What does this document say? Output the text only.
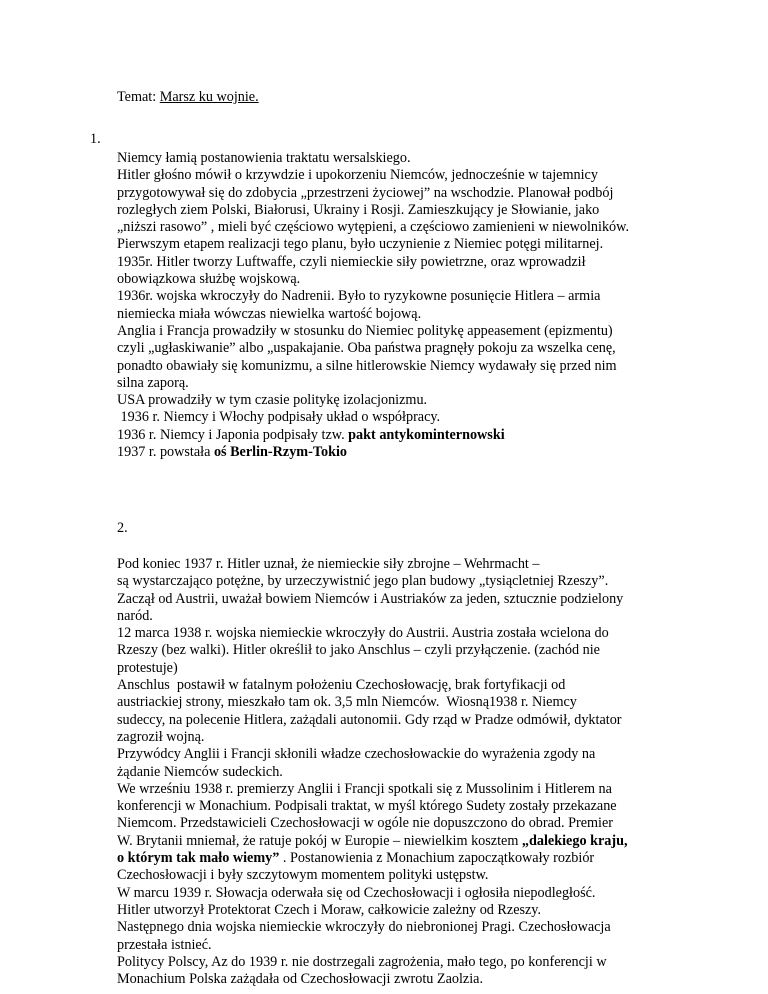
Temat: Marsz ku wojnie.
1.

Niemcy łamią postanowienia traktatu wersalskiego.

Hitler głośno mówił o krzywdzie i upokorzeniu Niemców, jednocześnie w tajemnicy

przygotowywał się do zdobycia „przestrzeni życiowej” na wschodzie. Planował podbój

rozległych ziem Polski, Białorusi, Ukrainy i Rosji. Zamieszkujący je Słowianie, jako

„niższi rasowo” , mieli być częściowo wytępieni, a częściowo zamienieni w niewolników.

Pierwszym etapem realizacji tego planu, było uczynienie z Niemiec potęgi militarnej.

1935r. Hitler tworzy Luftwaffe, czyli niemieckie siły powietrzne, oraz wprowadził

obowiązkowa służbę wojskową.

1936r. wojska wkroczyły do Nadrenii. Było to ryzykowne posunięcie Hitlera – armia

niemiecka miała wówczas niewielka wartość bojową.

Anglia i Francja prowadziły w stosunku do Niemiec politykę appeasement (epizmentu)

czyli „ugłaskiwanie” albo „uspakajanie. Oba państwa pragnęły pokoju za wszelka cenę,

ponadto obawiały się komunizmu, a silne hitlerowskie Niemcy wydawały się przed nim

silna zaporą.

USA prowadziły w tym czasie politykę izolacjonizmu.

1936 r. Niemcy i Włochy podpisały układ o współpracy.

1936 r. Niemcy i Japonia podpisały tzw. pakt antykominternowski

1937 r. powstała oś Berlin-Rzym-Tokio

2.

Pod koniec 1937 r. Hitler uznał, że niemieckie siły zbrojne – Wehrmacht –

są wystarczająco potężne, by urzeczywistnić jego plan budowy „tysiącletniej Rzeszy”.

Zaczął od Austrii, uważał bowiem Niemców i Austriaków za jeden, sztucznie podzielony

naród.

12 marca 1938 r. wojska niemieckie wkroczyły do Austrii. Austria została wcielona do

Rzeszy (bez walki). Hitler określił to jako Anschlus – czyli przyłączenie. (zachód nie

protestuje)

Anschlus  postawił w fatalnym położeniu Czechosłowację, brak fortyfikacji od

austriackiej strony, mieszkało tam ok. 3,5 mln Niemców.  Wiosną1938 r. Niemcy

sudeccy, na polecenie Hitlera, zażądali autonomii. Gdy rząd w Pradze odmówił, dyktator

zagroził wojną.

Przywódcy Anglii i Francji skłonili władze czechosłowackie do wyrażenia zgody na

żądanie Niemców sudeckich.

We wrześniu 1938 r. premierzy Anglii i Francji spotkali się z Mussolinim i Hitlerem na

konferencji w Monachium. Podpisali traktat, w myśl którego Sudety zostały przekazane

Niemcom. Przedstawicieli Czechosłowacji w ogóle nie dopuszczono do obrad. Premier

W. Brytanii mniemał, że ratuje pokój w Europie – niewielkim kosztem „dalekiego kraju,

o którym tak mało wiemy” . Postanowienia z Monachium zapoczątkowały rozbiór

Czechosłowacji i były szczytowym momentem polityki ustępstw.

W marcu 1939 r. Słowacja oderwała się od Czechosłowacji i ogłosiła niepodległość.

Hitler utworzył Protektorat Czech i Moraw, całkowicie zależny od Rzeszy.

Następnego dnia wojska niemieckie wkroczyły do niebronionej Pragi. Czechosłowacja

przestała istnieć.

Politycy Polscy, Az do 1939 r. nie dostrzegali zagrożenia, mało tego, po konferencji w

Monachium Polska zażądała od Czechosłowacji zwrotu Zaolzia.
